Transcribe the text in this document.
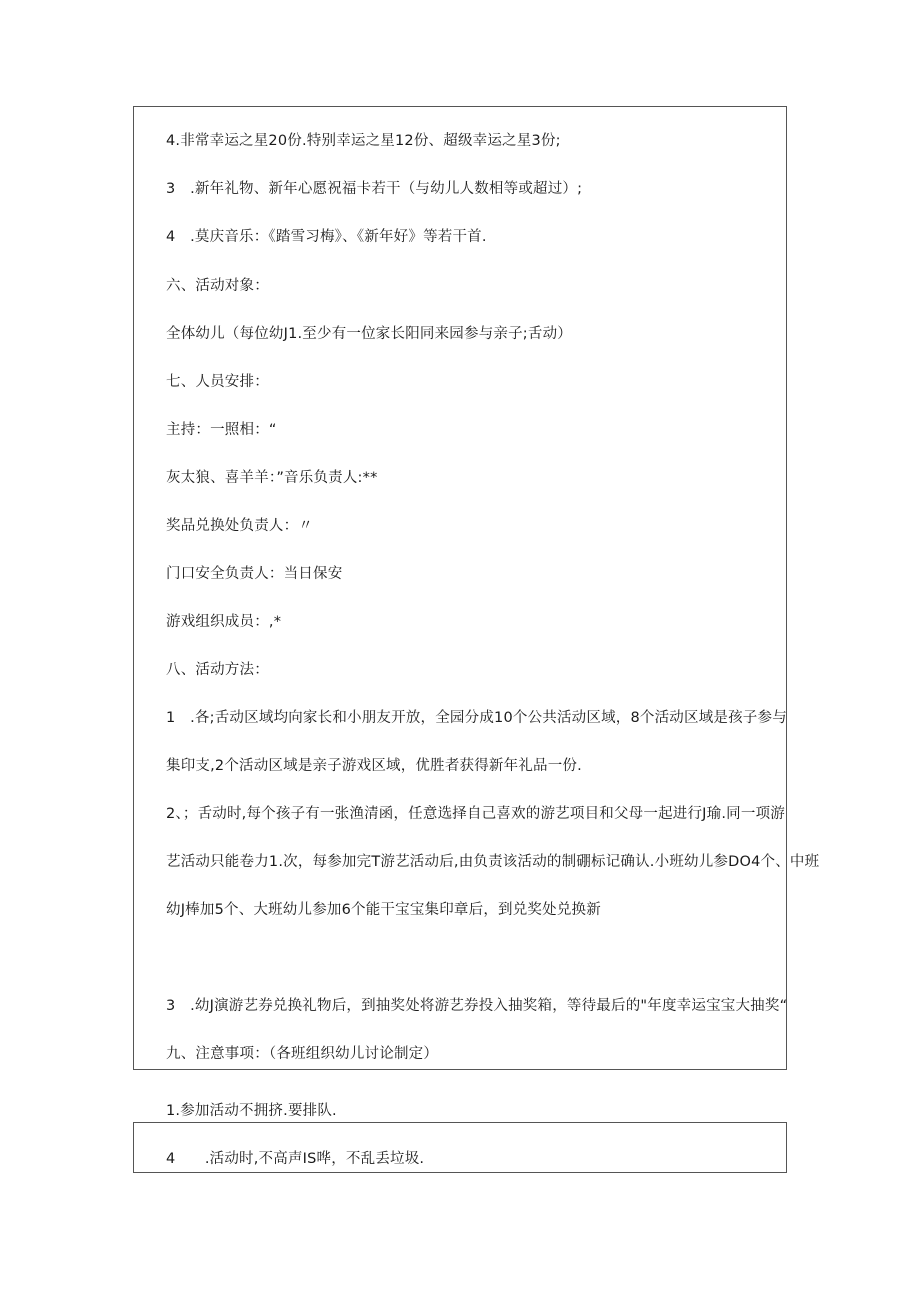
4.非常幸运之星20份.特别幸运之星12份、超级幸运之星3份;
3　.新年礼物、新年心愿祝福卡若干（与幼儿人数相等或超过）;
4　.莫庆音乐：《踏雪习梅》、《新年好》等若干首.
六、活动对象：
全体幼儿（每位幼J1.至少有一位家长阳同来园参与亲子;舌动）
七、人员安排：
主持：一照相：“
灰太狼、喜羊羊：”音乐负责人:**
奖品兑换处负责人：〃
门口安全负责人：当日保安
游戏组织成员：,*
八、活动方法：
1　.各;舌动区域均向家长和小朋友开放，全园分成10个公共活动区域，8个活动区域是孩子参与
集印支,2个活动区域是亲子游戏区域，优胜者获得新年礼品一份.
2、；舌动时,每个孩子有一张渔清函，任意选择自己喜欢的游艺项目和父母一起进行J瑜.同一项游
艺活动只能卷力1.次，每参加完T游艺活动后,由负责该活动的制硼标记确认.小班幼儿参DO4个、中班
幼J棒加5个、大班幼儿参加6个能干宝宝集印章后，到兑奖处兑换新
3　.幼J演游艺券兑换礼物后，到抽奖处将游艺券投入抽奖箱，等待最后的"年度幸运宝宝大抽奖“
九、注意事项：（各班组织幼儿讨论制定）
1.参加活动不拥挤.要排队.
4　　.活动时,不高声IS哗，不乱丢垃圾.
